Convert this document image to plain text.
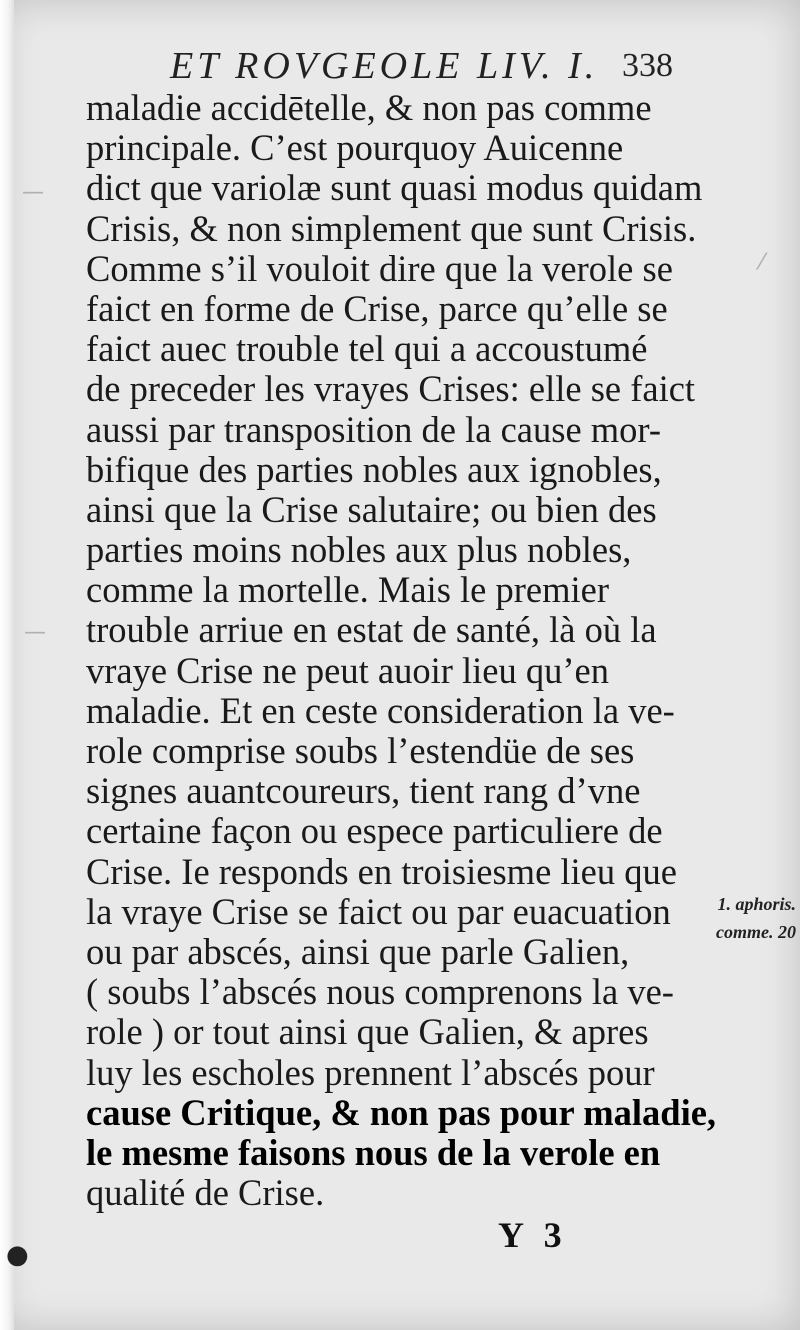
ET ROVGEOLE LIV. I. 338
maladie accidētelle, & non pas comme
principale. C’est pourquoy Auicenne
dict que variolæ sunt quasi modus quidam
Crisis, & non simplement que sunt Crisis.
Comme s’il vouloit dire que la verole se
faict en forme de Crise, parce qu’elle se
faict auec trouble tel qui a accoustumé
de preceder les vrayes Crises: elle se faict
aussi par transposition de la cause mor-
bifique des parties nobles aux ignobles,
ainsi que la Crise salutaire; ou bien des
parties moins nobles aux plus nobles,
comme la mortelle. Mais le premier
trouble arriue en estat de santé, là où la
vraye Crise ne peut auoir lieu qu’en
maladie. Et en ceste consideration la ve-
role comprise soubs l’estendüe de ses
signes auantcoureurs, tient rang d’vne
certaine façon ou espece particuliere de
Crise. Ie responds en troisiesme lieu que
la vraye Crise se faict ou par euacuation
ou par abscés, ainsi que parle Galien,
( soubs l’abscés nous comprenons la ve-
role ) or tout ainsi que Galien, & apres
luy les escholes prennent l’abscés pour
cause Critique, & non pas pour maladie,
le mesme faisons nous de la verole en
qualité de Crise.
1. aphoris.
comme. 20
Y 3
—
—
⁄
●
